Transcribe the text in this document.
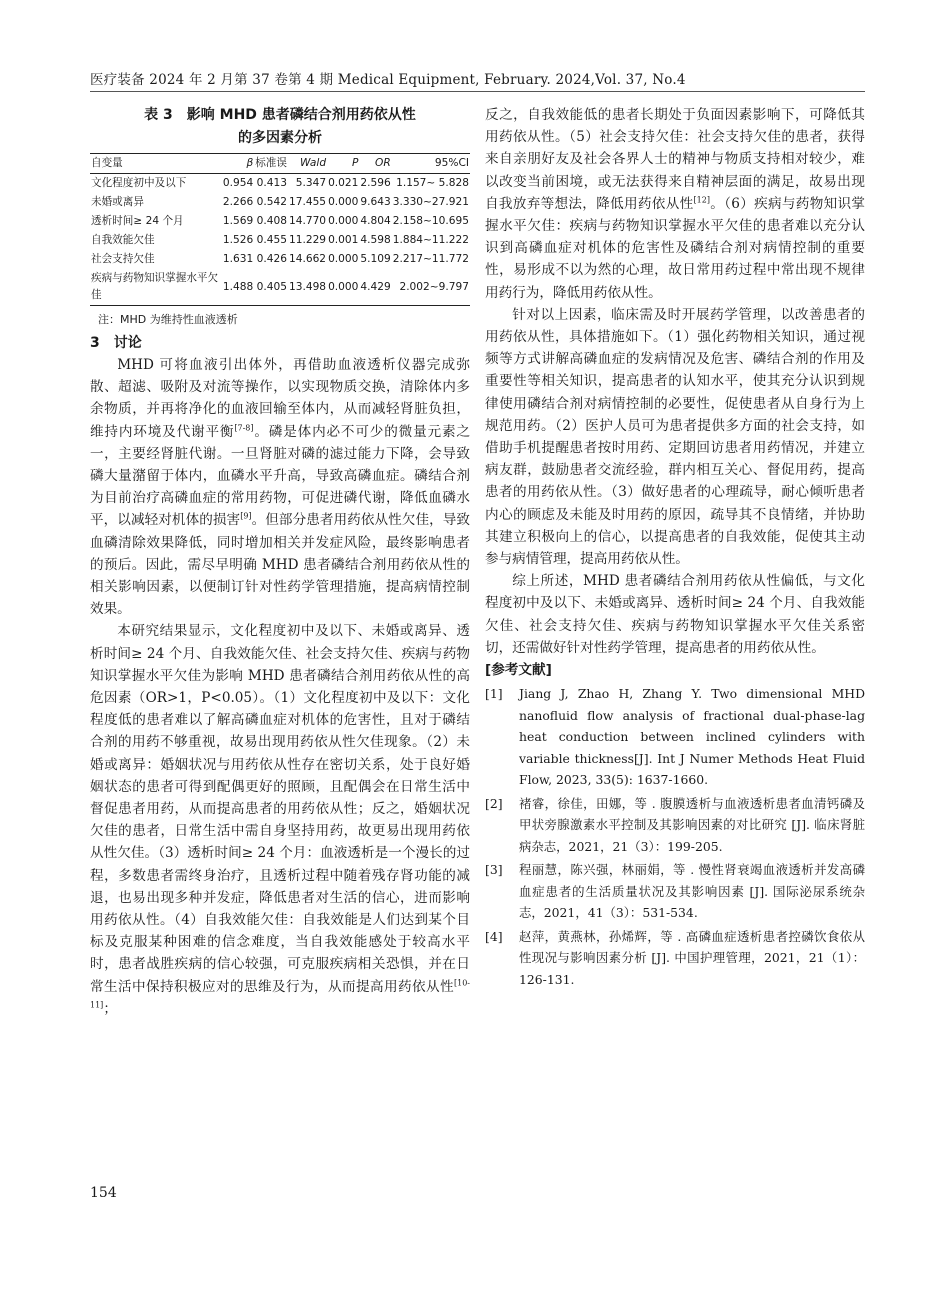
医疗装备 2024 年 2 月第 37 卷第 4 期 Medical Equipment, February. 2024,Vol. 37, No.4
表 3　影响 MHD 患者磷结合剂用药依从性
的多因素分析
自变量	β	标准误	Wald	P	OR	95%CI
文化程度初中及以下	0.954	0.413	5.347	0.021	2.596	1.157~ 5.828
未婚或离异	2.266	0.542	17.455	0.000	9.643	3.330~27.921
透析时间≥ 24 个月	1.569	0.408	14.770	0.000	4.804	2.158~10.695
自我效能欠佳	1.526	0.455	11.229	0.001	4.598	1.884~11.222
社会支持欠佳	1.631	0.426	14.662	0.000	5.109	2.217~11.772
疾病与药物知识掌握水平欠佳	1.488	0.405	13.498	0.000	4.429	2.002~9.797
注：MHD 为维持性血液透析
3　讨论

MHD 可将血液引出体外，再借助血液透析仪器完成弥散、超滤、吸附及对流等操作，以实现物质交换，清除体内多余物质，并再将净化的血液回输至体内，从而减轻肾脏负担，维持内环境及代谢平衡[7-8]。磷是体内必不可少的微量元素之一，主要经肾脏代谢。一旦肾脏对磷的滤过能力下降，会导致磷大量潴留于体内，血磷水平升高，导致高磷血症。磷结合剂为目前治疗高磷血症的常用药物，可促进磷代谢，降低血磷水平，以减轻对机体的损害[9]。但部分患者用药依从性欠佳，导致血磷清除效果降低，同时增加相关并发症风险，最终影响患者的预后。因此，需尽早明确 MHD 患者磷结合剂用药依从性的相关影响因素，以便制订针对性药学管理措施，提高病情控制效果。

本研究结果显示，文化程度初中及以下、未婚或离异、透析时间≥ 24 个月、自我效能欠佳、社会支持欠佳、疾病与药物知识掌握水平欠佳为影响 MHD 患者磷结合剂用药依从性的高危因素（OR>1，P<0.05）。（1）文化程度初中及以下：文化程度低的患者难以了解高磷血症对机体的危害性，且对于磷结合剂的用药不够重视，故易出现用药依从性欠佳现象。（2）未婚或离异：婚姻状况与用药依从性存在密切关系，处于良好婚姻状态的患者可得到配偶更好的照顾，且配偶会在日常生活中督促患者用药，从而提高患者的用药依从性；反之，婚姻状况欠佳的患者，日常生活中需自身坚持用药，故更易出现用药依从性欠佳。（3）透析时间≥ 24 个月：血液透析是一个漫长的过程，多数患者需终身治疗，且透析过程中随着残存肾功能的减退，也易出现多种并发症，降低患者对生活的信心，进而影响用药依从性。（4）自我效能欠佳：自我效能是人们达到某个目标及克服某种困难的信念难度，当自我效能感处于较高水平时，患者战胜疾病的信心较强，可克服疾病相关恐惧，并在日常生活中保持积极应对的思维及行为，从而提高用药依从性[10-11]；

反之，自我效能低的患者长期处于负面因素影响下，可降低其用药依从性。（5）社会支持欠佳：社会支持欠佳的患者，获得来自亲朋好友及社会各界人士的精神与物质支持相对较少，难以改变当前困境，或无法获得来自精神层面的满足，故易出现自我放弃等想法，降低用药依从性[12]。（6）疾病与药物知识掌握水平欠佳：疾病与药物知识掌握水平欠佳的患者难以充分认识到高磷血症对机体的危害性及磷结合剂对病情控制的重要性，易形成不以为然的心理，故日常用药过程中常出现不规律用药行为，降低用药依从性。

针对以上因素，临床需及时开展药学管理，以改善患者的用药依从性，具体措施如下。（1）强化药物相关知识，通过视频等方式讲解高磷血症的发病情况及危害、磷结合剂的作用及重要性等相关知识，提高患者的认知水平，使其充分认识到规律使用磷结合剂对病情控制的必要性，促使患者从自身行为上规范用药。（2）医护人员可为患者提供多方面的社会支持，如借助手机提醒患者按时用药、定期回访患者用药情况，并建立病友群，鼓励患者交流经验，群内相互关心、督促用药，提高患者的用药依从性。（3）做好患者的心理疏导，耐心倾听患者内心的顾虑及未能及时用药的原因，疏导其不良情绪，并协助其建立积极向上的信心，以提高患者的自我效能，促使其主动参与病情管理，提高用药依从性。

综上所述，MHD 患者磷结合剂用药依从性偏低，与文化程度初中及以下、未婚或离异、透析时间≥ 24 个月、自我效能欠佳、社会支持欠佳、疾病与药物知识掌握水平欠佳关系密切，还需做好针对性药学管理，提高患者的用药依从性。

[参考文献]
[1]	Jiang J, Zhao H, Zhang Y. Two dimensional MHD nanofluid flow analysis of fractional dual-phase-lag heat conduction between inclined cylinders with variable thickness[J]. Int J Numer Methods Heat Fluid Flow, 2023, 33(5): 1637-1660.
[2]	褚睿，徐佳，田娜，等 . 腹膜透析与血液透析患者血清钙磷及甲状旁腺激素水平控制及其影响因素的对比研究 [J]. 临床肾脏病杂志，2021，21（3）：199-205.
[3]	程丽慧，陈兴强，林丽娟，等 . 慢性肾衰竭血液透析并发高磷血症患者的生活质量状况及其影响因素 [J]. 国际泌尿系统杂志，2021，41（3）：531-534.
[4]	赵萍，黄燕林，孙烯辉，等 . 高磷血症透析患者控磷饮食依从性现况与影响因素分析 [J]. 中国护理管理，2021，21（1）：126-131.
154
